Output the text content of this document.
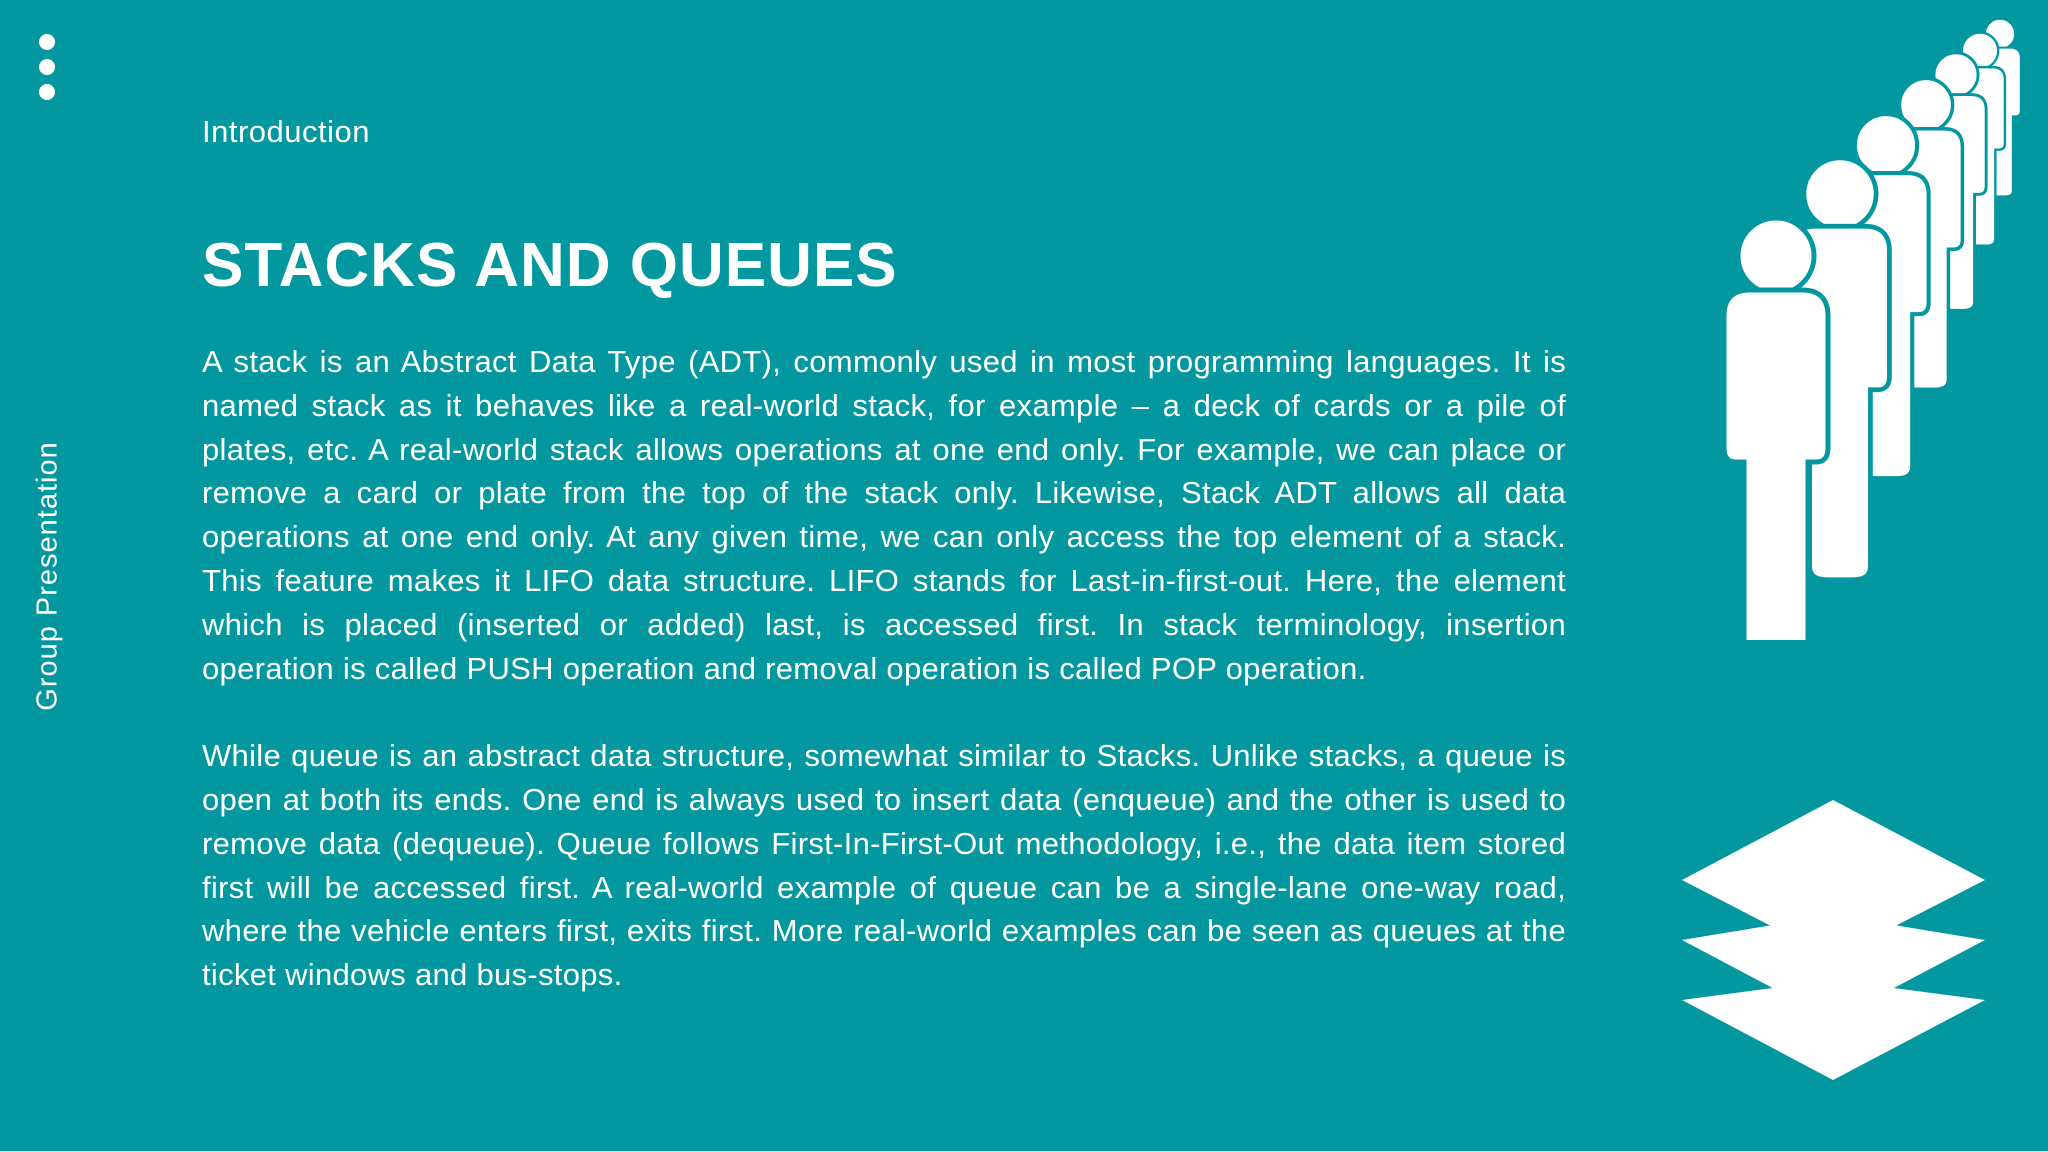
Group Presentation
Introduction
STACKS AND QUEUES

A stack is an Abstract Data Type (ADT), commonly used in most programming languages. It is named stack as it behaves like a real-world stack, for example – a deck of cards or a pile of plates, etc. A real-world stack allows operations at one end only. For example, we can place or remove a card or plate from the top of the stack only. Likewise, Stack ADT allows all data operations at one end only. At any given time, we can only access the top element of a stack. This feature makes it LIFO data structure. LIFO stands for Last-in-first-out. Here, the element which is placed (inserted or added) last, is accessed first. In stack terminology, insertion operation is called PUSH operation and removal operation is called POP operation.

While queue is an abstract data structure, somewhat similar to Stacks. Unlike stacks, a queue is open at both its ends. One end is always used to insert data (enqueue) and the other is used to remove data (dequeue). Queue follows First-In-First-Out methodology, i.e., the data item stored first will be accessed first. A real-world example of queue can be a single-lane one-way road, where the vehicle enters first, exits first. More real-world examples can be seen as queues at the ticket windows and bus-stops.
